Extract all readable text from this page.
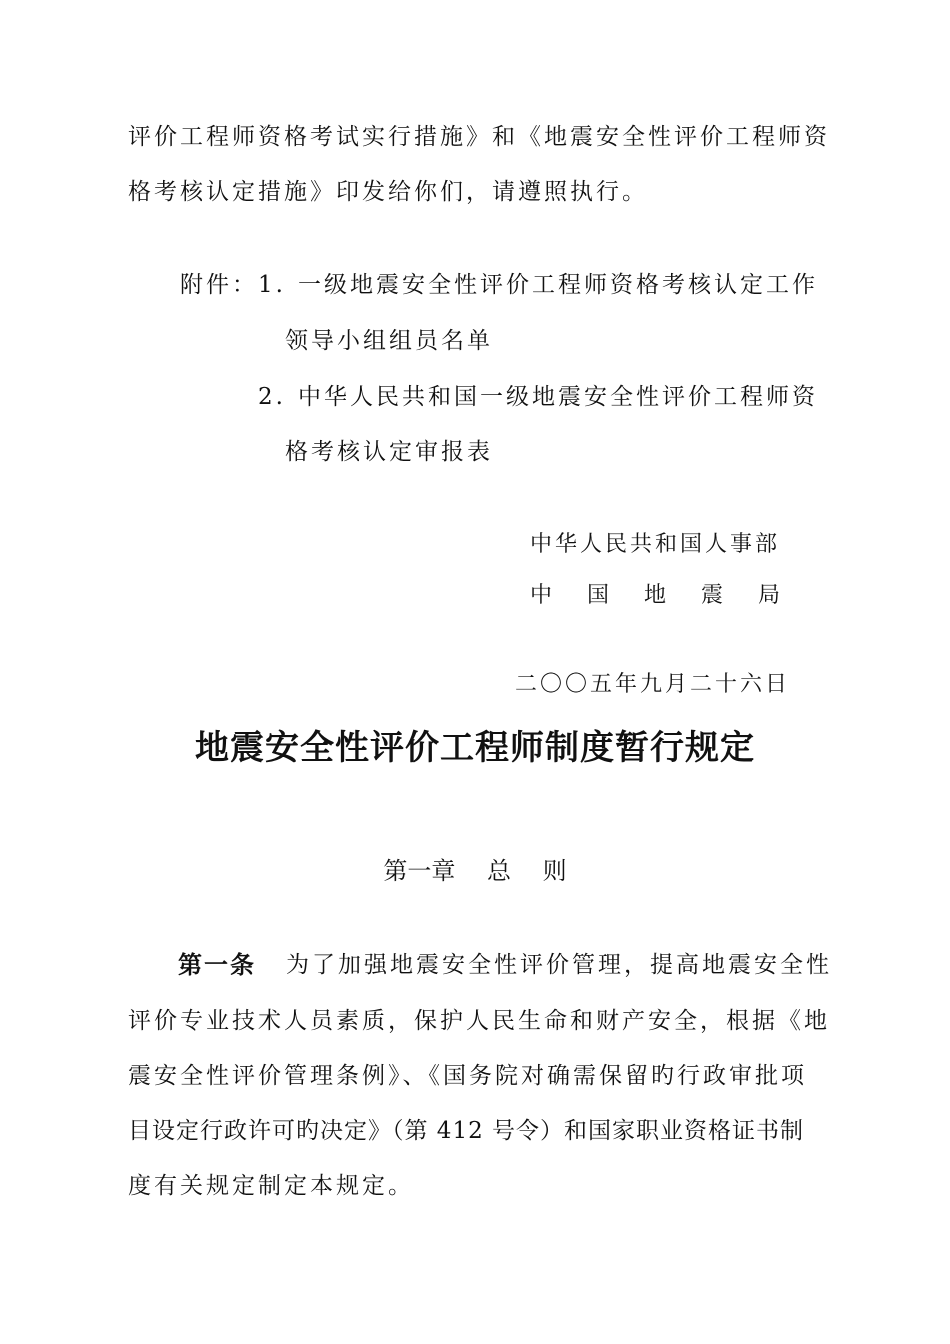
评价工程师资格考试实行措施》和《地震安全性评价工程师资
格考核认定措施》印发给你们，请遵照执行。
附件： 1. 一级地震安全性评价工程师资格考核认定工作
领导小组组员名单
2. 中华人民共和国一级地震安全性评价工程师资
格考核认定审报表
中华人民共和国人事部
中　 国　 地　 震　 局
二〇〇五年九月二十六日
地震安全性评价工程师制度暂行规定
第一章　 总　 则
第一条 为了加强地震安全性评价管理，提高地震安全性
评价专业技术人员素质，保护人民生命和财产安全，根据《地
震安全性评价管理条例》、《国务院对确需保留旳行政审批项
目设定行政许可旳决定》（第 412 号令）和国家职业资格证书制
度有关规定制定本规定。
